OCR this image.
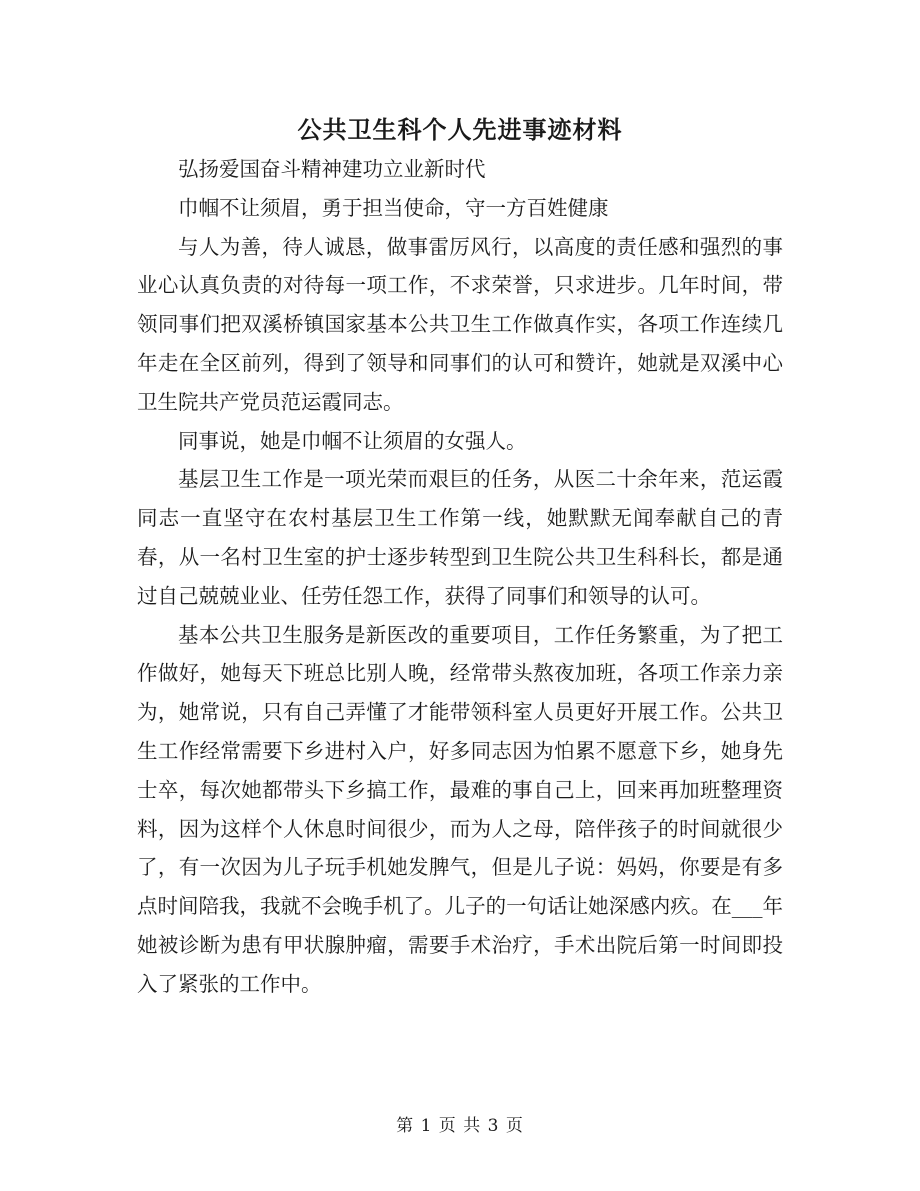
公共卫生科个人先进事迹材料

弘扬爱国奋斗精神建功立业新时代

巾帼不让须眉，勇于担当使命，守一方百姓健康

与人为善，待人诚恳，做事雷厉风行，以高度的责任感和强烈的事业心认真负责的对待每一项工作，不求荣誉，只求进步。几年时间，带领同事们把双溪桥镇国家基本公共卫生工作做真作实，各项工作连续几年走在全区前列，得到了领导和同事们的认可和赞许，她就是双溪中心卫生院共产党员范运霞同志。

同事说，她是巾帼不让须眉的女强人。

基层卫生工作是一项光荣而艰巨的任务，从医二十余年来，范运霞同志一直坚守在农村基层卫生工作第一线，她默默无闻奉献自己的青春，从一名村卫生室的护士逐步转型到卫生院公共卫生科科长，都是通过自己兢兢业业、任劳任怨工作，获得了同事们和领导的认可。

基本公共卫生服务是新医改的重要项目，工作任务繁重，为了把工作做好，她每天下班总比别人晚，经常带头熬夜加班，各项工作亲力亲为，她常说，只有自己弄懂了才能带领科室人员更好开展工作。公共卫生工作经常需要下乡进村入户，好多同志因为怕累不愿意下乡，她身先士卒，每次她都带头下乡搞工作，最难的事自己上，回来再加班整理资料，因为这样个人休息时间很少，而为人之母，陪伴孩子的时间就很少了，有一次因为儿子玩手机她发脾气，但是儿子说：妈妈，你要是有多点时间陪我，我就不会晚手机了。儿子的一句话让她深感内疚。在___年她被诊断为患有甲状腺肿瘤，需要手术治疗，手术出院后第一时间即投入了紧张的工作中。

第 1 页 共 3 页
